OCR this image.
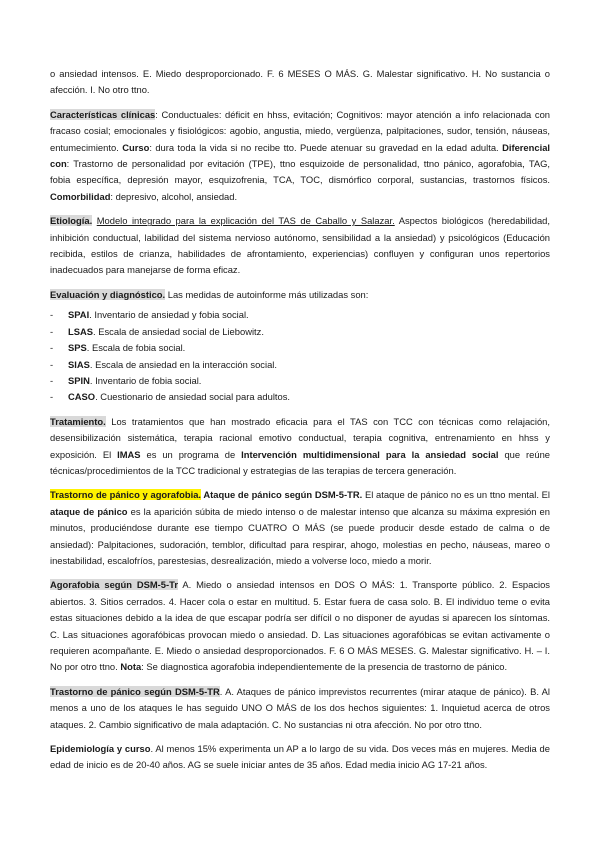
o ansiedad intensos. E. Miedo desproporcionado. F. 6 MESES O MÁS. G. Malestar significativo. H. No sustancia o afección. I. No otro ttno.

Características clínicas: Conductuales: déficit en hhss, evitación; Cognitivos: mayor atención a info relacionada con fracaso cosial; emocionales y fisiológicos: agobio, angustia, miedo, vergüenza, palpitaciones, sudor, tensión, náuseas, entumecimiento. Curso: dura toda la vida si no recibe tto. Puede atenuar su gravedad en la edad adulta. Diferencial con: Trastorno de personalidad por evitación (TPE), ttno esquizoide de personalidad, ttno pánico, agorafobia, TAG, fobia específica, depresión mayor, esquizofrenia, TCA, TOC, dismórfico corporal, sustancias, trastornos físicos. Comorbilidad: depresivo, alcohol, ansiedad.

Etiología. Modelo integrado para la explicación del TAS de Caballo y Salazar. Aspectos biológicos (heredabilidad, inhibición conductual, labilidad del sistema nervioso autónomo, sensibilidad a la ansiedad) y psicológicos (Educación recibida, estilos de crianza, habilidades de afrontamiento, experiencias) confluyen y configuran unos repertorios inadecuados para manejarse de forma eficaz.

Evaluación y diagnóstico. Las medidas de autoinforme más utilizadas son:

- SPAI. Inventario de ansiedad y fobia social.
- LSAS. Escala de ansiedad social de Liebowitz.
- SPS. Escala de fobia social.
- SIAS. Escala de ansiedad en la interacción social.
- SPIN. Inventario de fobia social.
- CASO. Cuestionario de ansiedad social para adultos.

Tratamiento. Los tratamientos que han mostrado eficacia para el TAS con TCC con técnicas como relajación, desensibilización sistemática, terapia racional emotivo conductual, terapia cognitiva, entrenamiento en hhss y exposición. El IMAS es un programa de Intervención multidimensional para la ansiedad social que reúne técnicas/procedimientos de la TCC tradicional y estrategias de las terapias de tercera generación.

Trastorno de pánico y agorafobia. Ataque de pánico según DSM-5-TR. El ataque de pánico no es un ttno mental. El ataque de pánico es la aparición súbita de miedo intenso o de malestar intenso que alcanza su máxima expresión en minutos, produciéndose durante ese tiempo CUATRO O MÁS (se puede producir desde estado de calma o de ansiedad): Palpitaciones, sudoración, temblor, dificultad para respirar, ahogo, molestias en pecho, náuseas, mareo o inestabilidad, escalofríos, parestesias, desrealización, miedo a volverse loco, miedo a morir.

Agorafobia según DSM-5-Tr A. Miedo o ansiedad intensos en DOS O MÁS: 1. Transporte público. 2. Espacios abiertos. 3. Sitios cerrados. 4. Hacer cola o estar en multitud. 5. Estar fuera de casa solo. B. El individuo teme o evita estas situaciones debido a la idea de que escapar podría ser difícil o no disponer de ayudas si aparecen los síntomas. C. Las situaciones agorafóbicas provocan miedo o ansiedad. D. Las situaciones agorafóbicas se evitan activamente o requieren acompañante. E. Miedo o ansiedad desproporcionados. F. 6 O MÁS MESES. G. Malestar significativo. H. – I. No por otro ttno. Nota: Se diagnostica agorafobia independientemente de la presencia de trastorno de pánico.

Trastorno de pánico según DSM-5-TR. A. Ataques de pánico imprevistos recurrentes (mirar ataque de pánico). B. Al menos a uno de los ataques le has seguido UNO O MÁS de los dos hechos siguientes: 1. Inquietud acerca de otros ataques. 2. Cambio significativo de mala adaptación. C. No sustancias ni otra afección. No por otro ttno.

Epidemiología y curso. Al menos 15% experimenta un AP a lo largo de su vida. Dos veces más en mujeres. Media de edad de inicio es de 20-40 años. AG se suele iniciar antes de 35 años. Edad media inicio AG 17-21 años.
